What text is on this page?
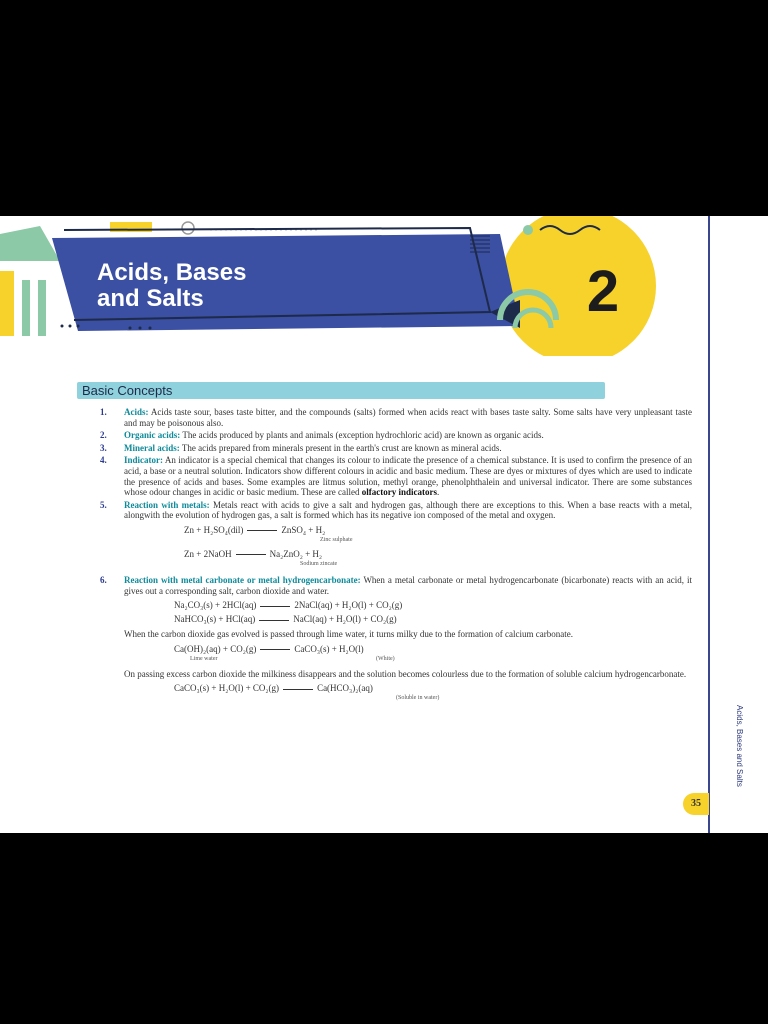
Acids, Bases
and Salts	2
Basic Concepts
1. Acids: Acids taste sour, bases taste bitter, and the compounds (salts) formed when acids react with bases taste salty. Some salts have very unpleasant taste and may be poisonous also.
2. Organic acids: The acids produced by plants and animals (exception hydrochloric acid) are known as organic acids.
3. Mineral acids: The acids prepared from minerals present in the earth's crust are known as mineral acids.
4. Indicator: An indicator is a special chemical that changes its colour to indicate the presence of a chemical substance. It is used to confirm the presence of an acid, a base or a neutral solution. Indicators show different colours in acidic and basic medium. These are dyes or mixtures of dyes which are used to indicate the presence of acids and bases. Some examples are litmus solution, methyl orange, phenolphthalein and universal indicator. There are some substances whose odour changes in acidic or basic medium. These are called olfactory indicators.
5. Reaction with metals: Metals react with acids to give a salt and hydrogen gas, although there are exceptions to this. When a base reacts with a metal, alongwith the evolution of hydrogen gas, a salt is formed which has its negative ion composed of the metal and oxygen.
Zn + H₂SO₄(dil)	ZnSO₄ + H₂
Zinc sulphate
Zn + 2NaOH	Na₂ZnO₂ + H₂
Sodium zincate
6. Reaction with metal carbonate or metal hydrogencarbonate: When a metal carbonate or metal hydrogencarbonate (bicarbonate) reacts with an acid, it gives out a corresponding salt, carbon dioxide and water.
Na₂CO₃(s) + 2HCl(aq)	2NaCl(aq) + H₂O(l) + CO₂(g)
NaHCO₃(s) + HCl(aq)	NaCl(aq) + H₂O(l) + CO₂(g)
When the carbon dioxide gas evolved is passed through lime water, it turns milky due to the formation of calcium carbonate.
Ca(OH)₂(aq) + CO₂(g)	CaCO₃(s) + H₂O(l)
Lime water	(White)
On passing excess carbon dioxide the milkiness disappears and the solution becomes colourless due to the formation of soluble calcium hydrogencarbonate.
CaCO₃(s) + H₂O(l) + CO₂(g)	Ca(HCO₃)₂(aq)
(Soluble in water)
Acids, Bases and Salts
35
